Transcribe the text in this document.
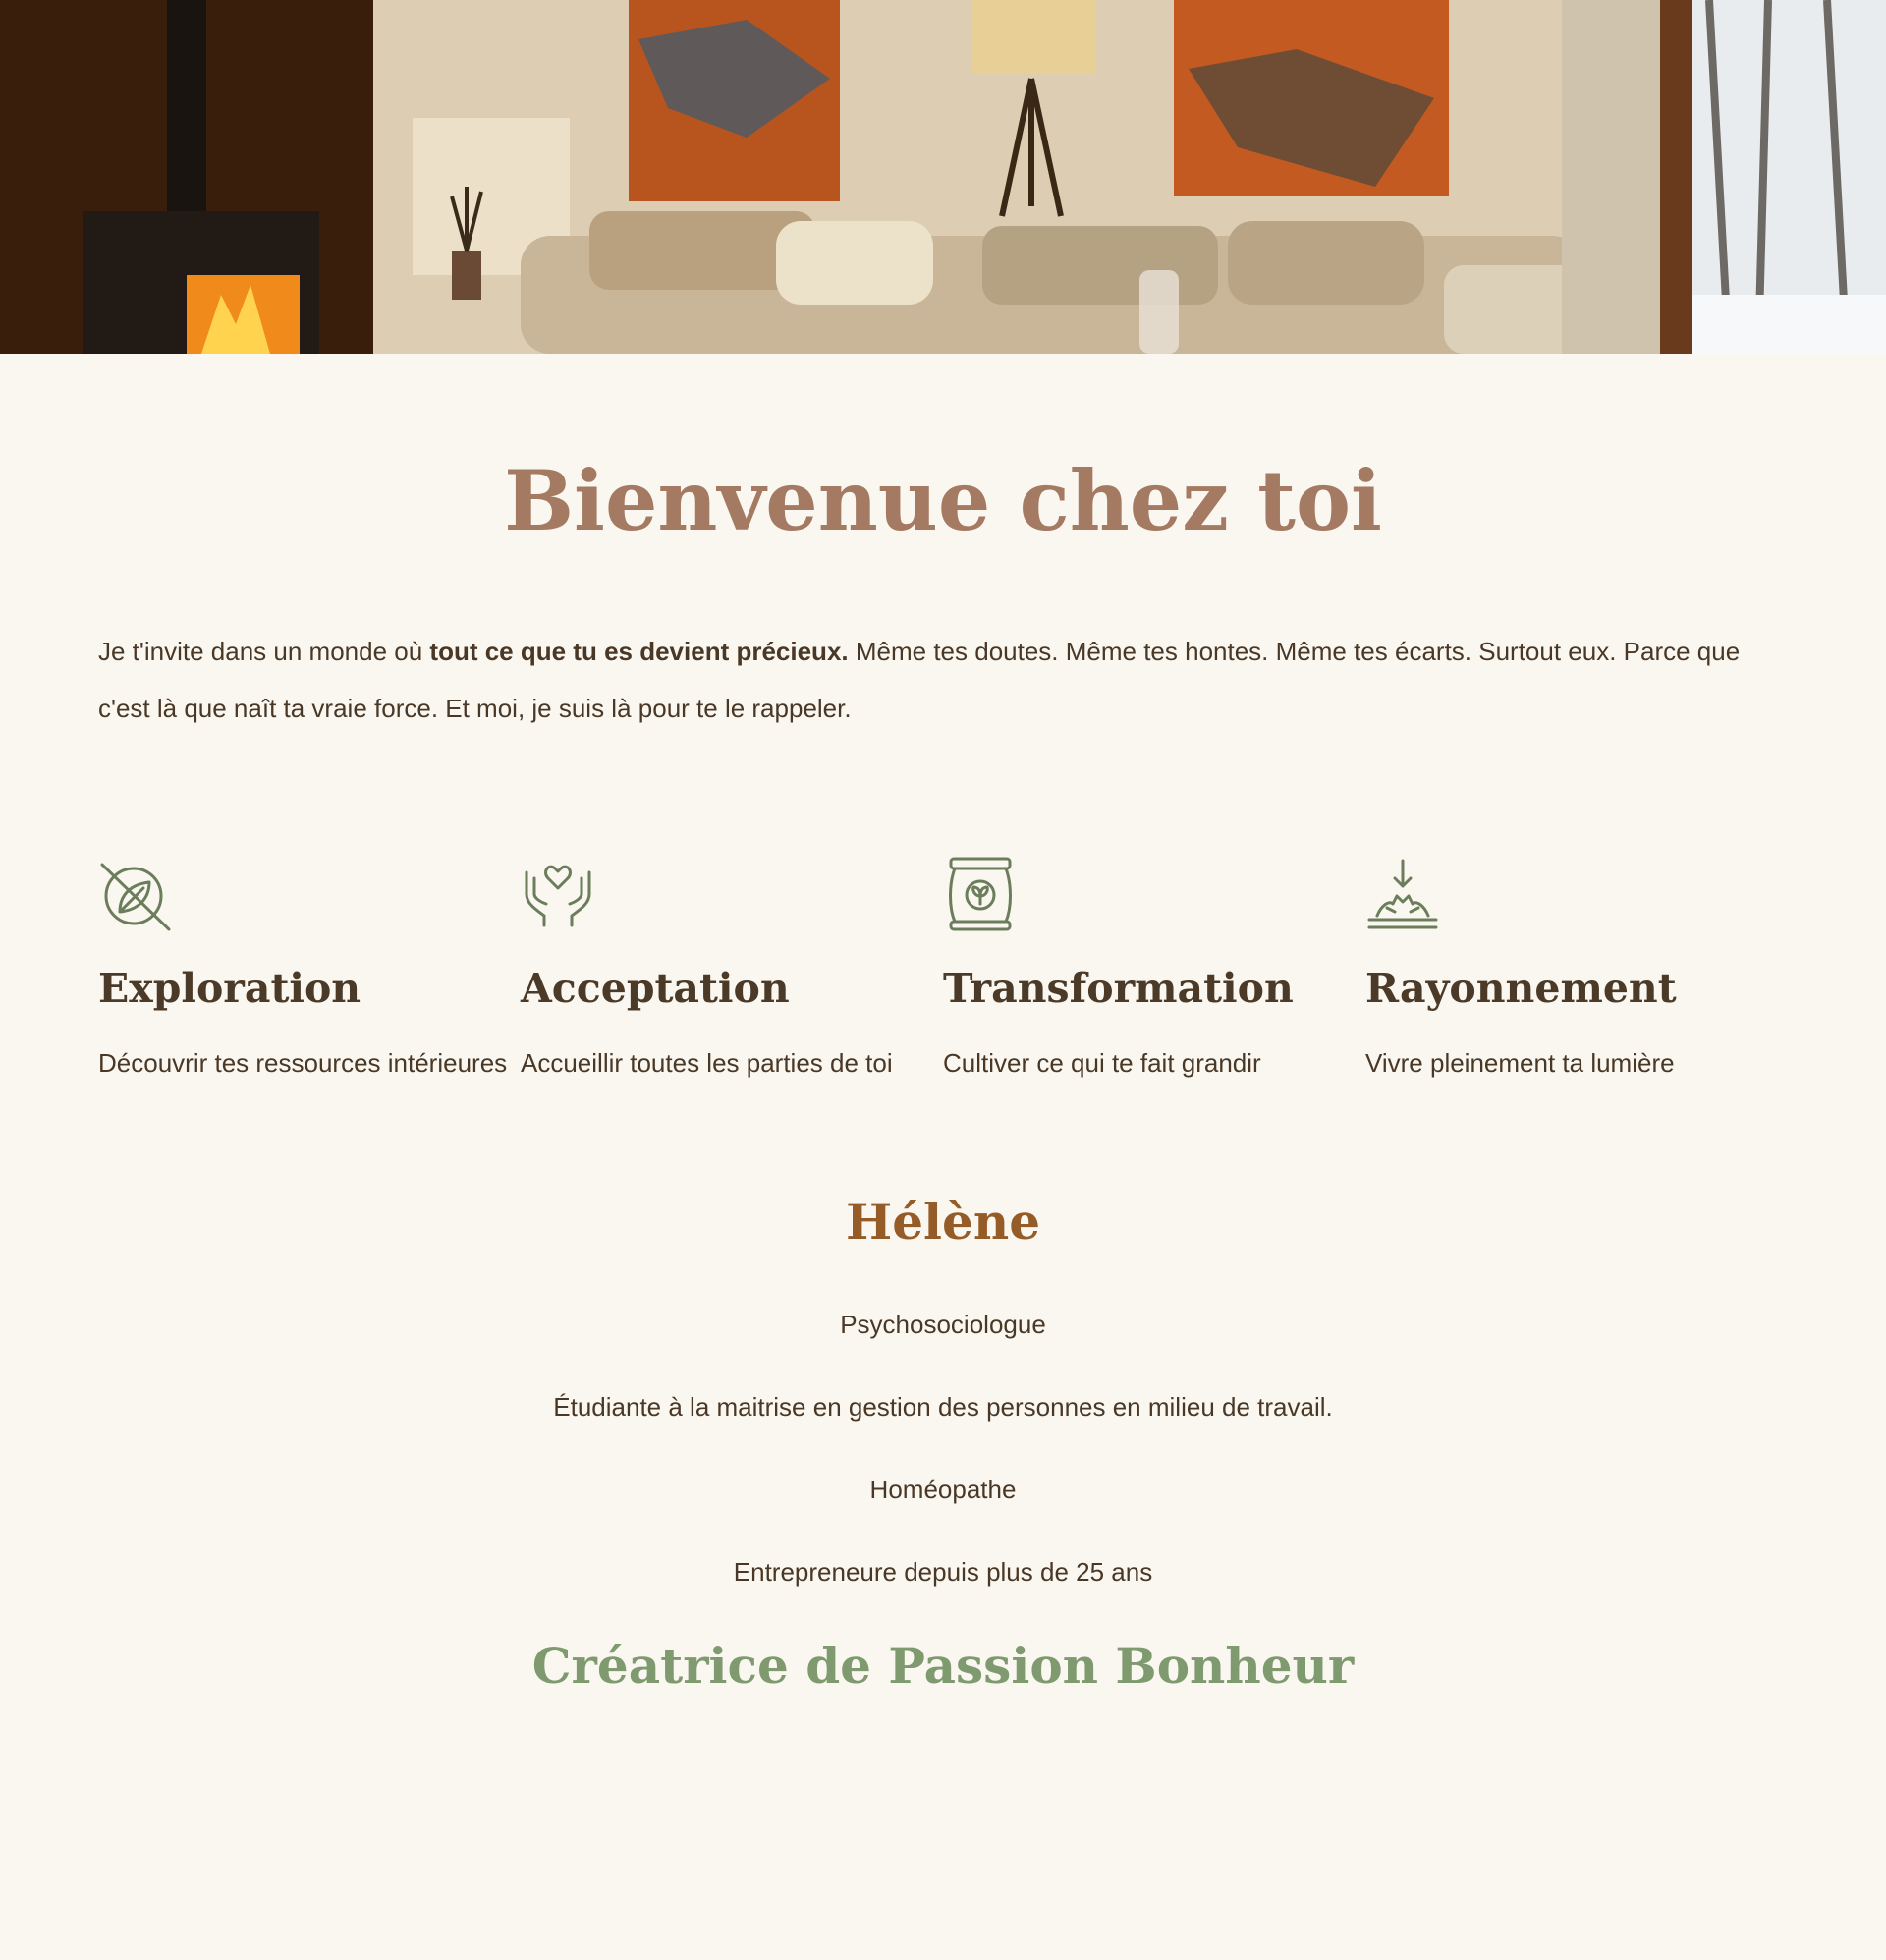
Bienvenue chez toi

Je t'invite dans un monde où tout ce que tu es devient précieux. Même tes doutes. Même tes hontes. Même tes écarts. Surtout eux. Parce que c'est là que naît ta vraie force. Et moi, je suis là pour te le rappeler.

Exploration

Découvrir tes ressources intérieures

Acceptation

Accueillir toutes les parties de toi

Transformation

Cultiver ce qui te fait grandir

Rayonnement

Vivre pleinement ta lumière

Hélène

Psychosociologue

Étudiante à la maitrise en gestion des personnes en milieu de travail.

Homéopathe

Entrepreneure depuis plus de 25 ans

Créatrice de Passion Bonheur
